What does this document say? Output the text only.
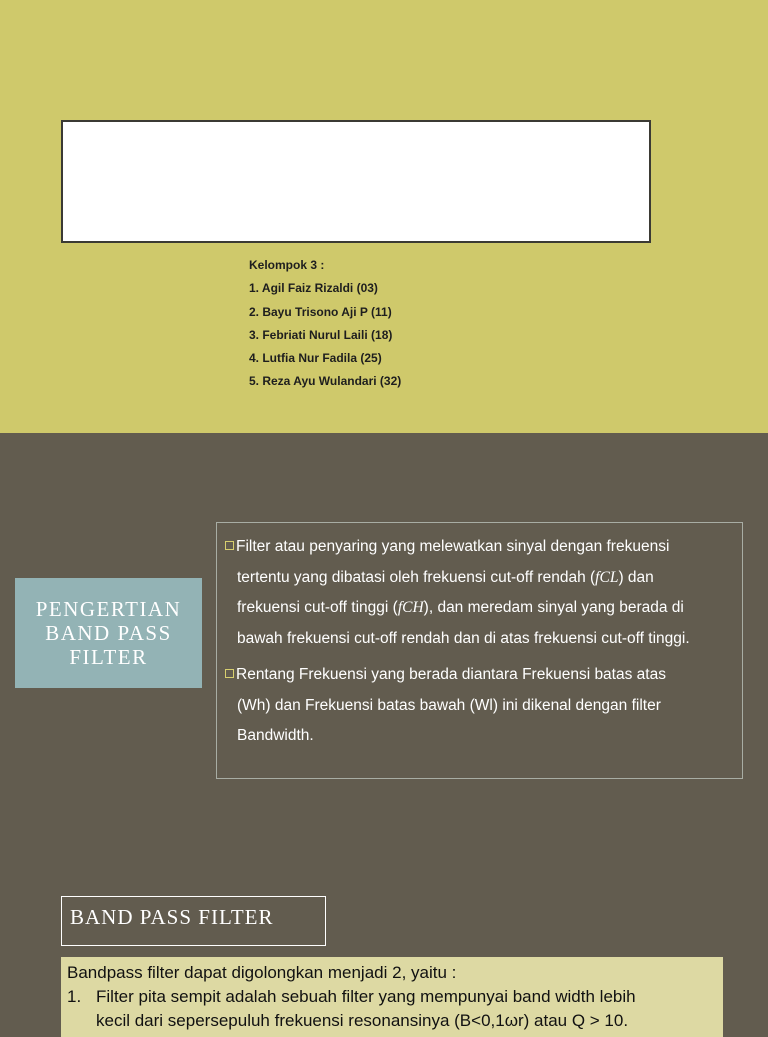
Kelompok 3 :
1. Agil Faiz Rizaldi (03)
2. Bayu Trisono Aji P (11)
3. Febriati Nurul Laili (18)
4. Lutfia Nur Fadila (25)
5. Reza Ayu Wulandari (32)
PENGERTIAN
BAND PASS
FILTER
Filter atau penyaring yang melewatkan sinyal dengan frekuensi
tertentu yang dibatasi oleh frekuensi cut-off rendah (fCL) dan
frekuensi cut-off tinggi (fCH), dan meredam sinyal yang berada di
bawah frekuensi cut-off rendah dan di atas frekuensi cut-off tinggi.
Rentang Frekuensi yang berada diantara Frekuensi batas atas
(Wh) dan Frekuensi batas bawah (Wl) ini dikenal dengan filter
Bandwidth.
BAND PASS FILTER
Bandpass filter dapat digolongkan menjadi 2, yaitu :
1. Filter pita sempit adalah sebuah filter yang mempunyai band width lebih
kecil dari sepersepuluh frekuensi resonansinya (B<0,1ωr) atau Q > 10.
